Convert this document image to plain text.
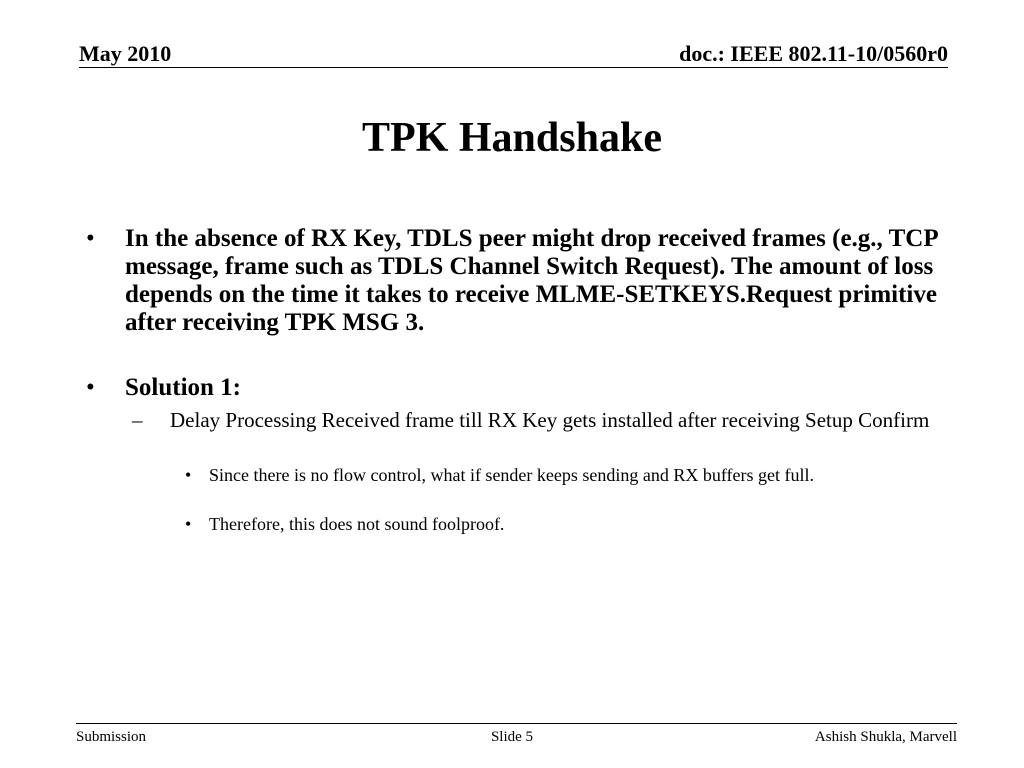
May 2010	doc.: IEEE 802.11-10/0560r0
TPK Handshake
• In the absence of RX Key, TDLS peer might drop received frames (e.g., TCP message, frame such as TDLS Channel Switch Request). The amount of loss depends on the time it takes to receive MLME-SETKEYS.Request primitive after receiving TPK MSG 3.
• Solution 1:
– Delay Processing Received frame till RX Key gets installed after receiving Setup Confirm
• Since there is no flow control, what if sender keeps sending and RX buffers get full.
• Therefore, this does not sound foolproof.
Submission	Slide 5	Ashish Shukla, Marvell
